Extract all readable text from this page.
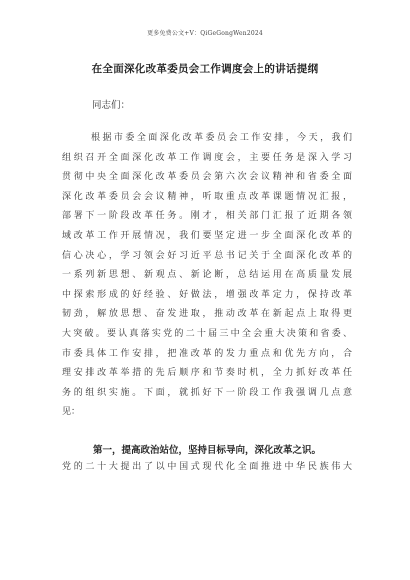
更多免费公文+V：QiGeGongWen2024
在全面深化改革委员会工作调度会上的讲话提纲
同志们：
根据市委全面深化改革委员会工作安排，今天，我们
组织召开全面深化改革工作调度会，主要任务是深入学习
贯彻中央全面深化改革委员会第六次会议精神和省委全面
深化改革委员会会议精神，听取重点改革课题情况汇报，
部署下一阶段改革任务。刚才，相关部门汇报了近期各领
域改革工作开展情况，我们要坚定进一步全面深化改革的
信心决心，学习领会好习近平总书记关于全面深化改革的
一系列新思想、新观点、新论断，总结运用在高质量发展
中探索形成的好经验、好做法，增强改革定力，保持改革
韧劲，解放思想、奋发进取，推动改革在新起点上取得更
大突破。要认真落实党的二十届三中全会重大决策和省委、
市委具体工作安排，把准改革的发力重点和优先方向，合
理安排改革举措的先后顺序和节奏时机，全力抓好改革任
务的组织实施。下面，就抓好下一阶段工作我强调几点意
见：
第一，提高政治站位，坚持目标导向，深化改革之识。
党的二十大提出了以中国式现代化全面推进中华民族伟大
